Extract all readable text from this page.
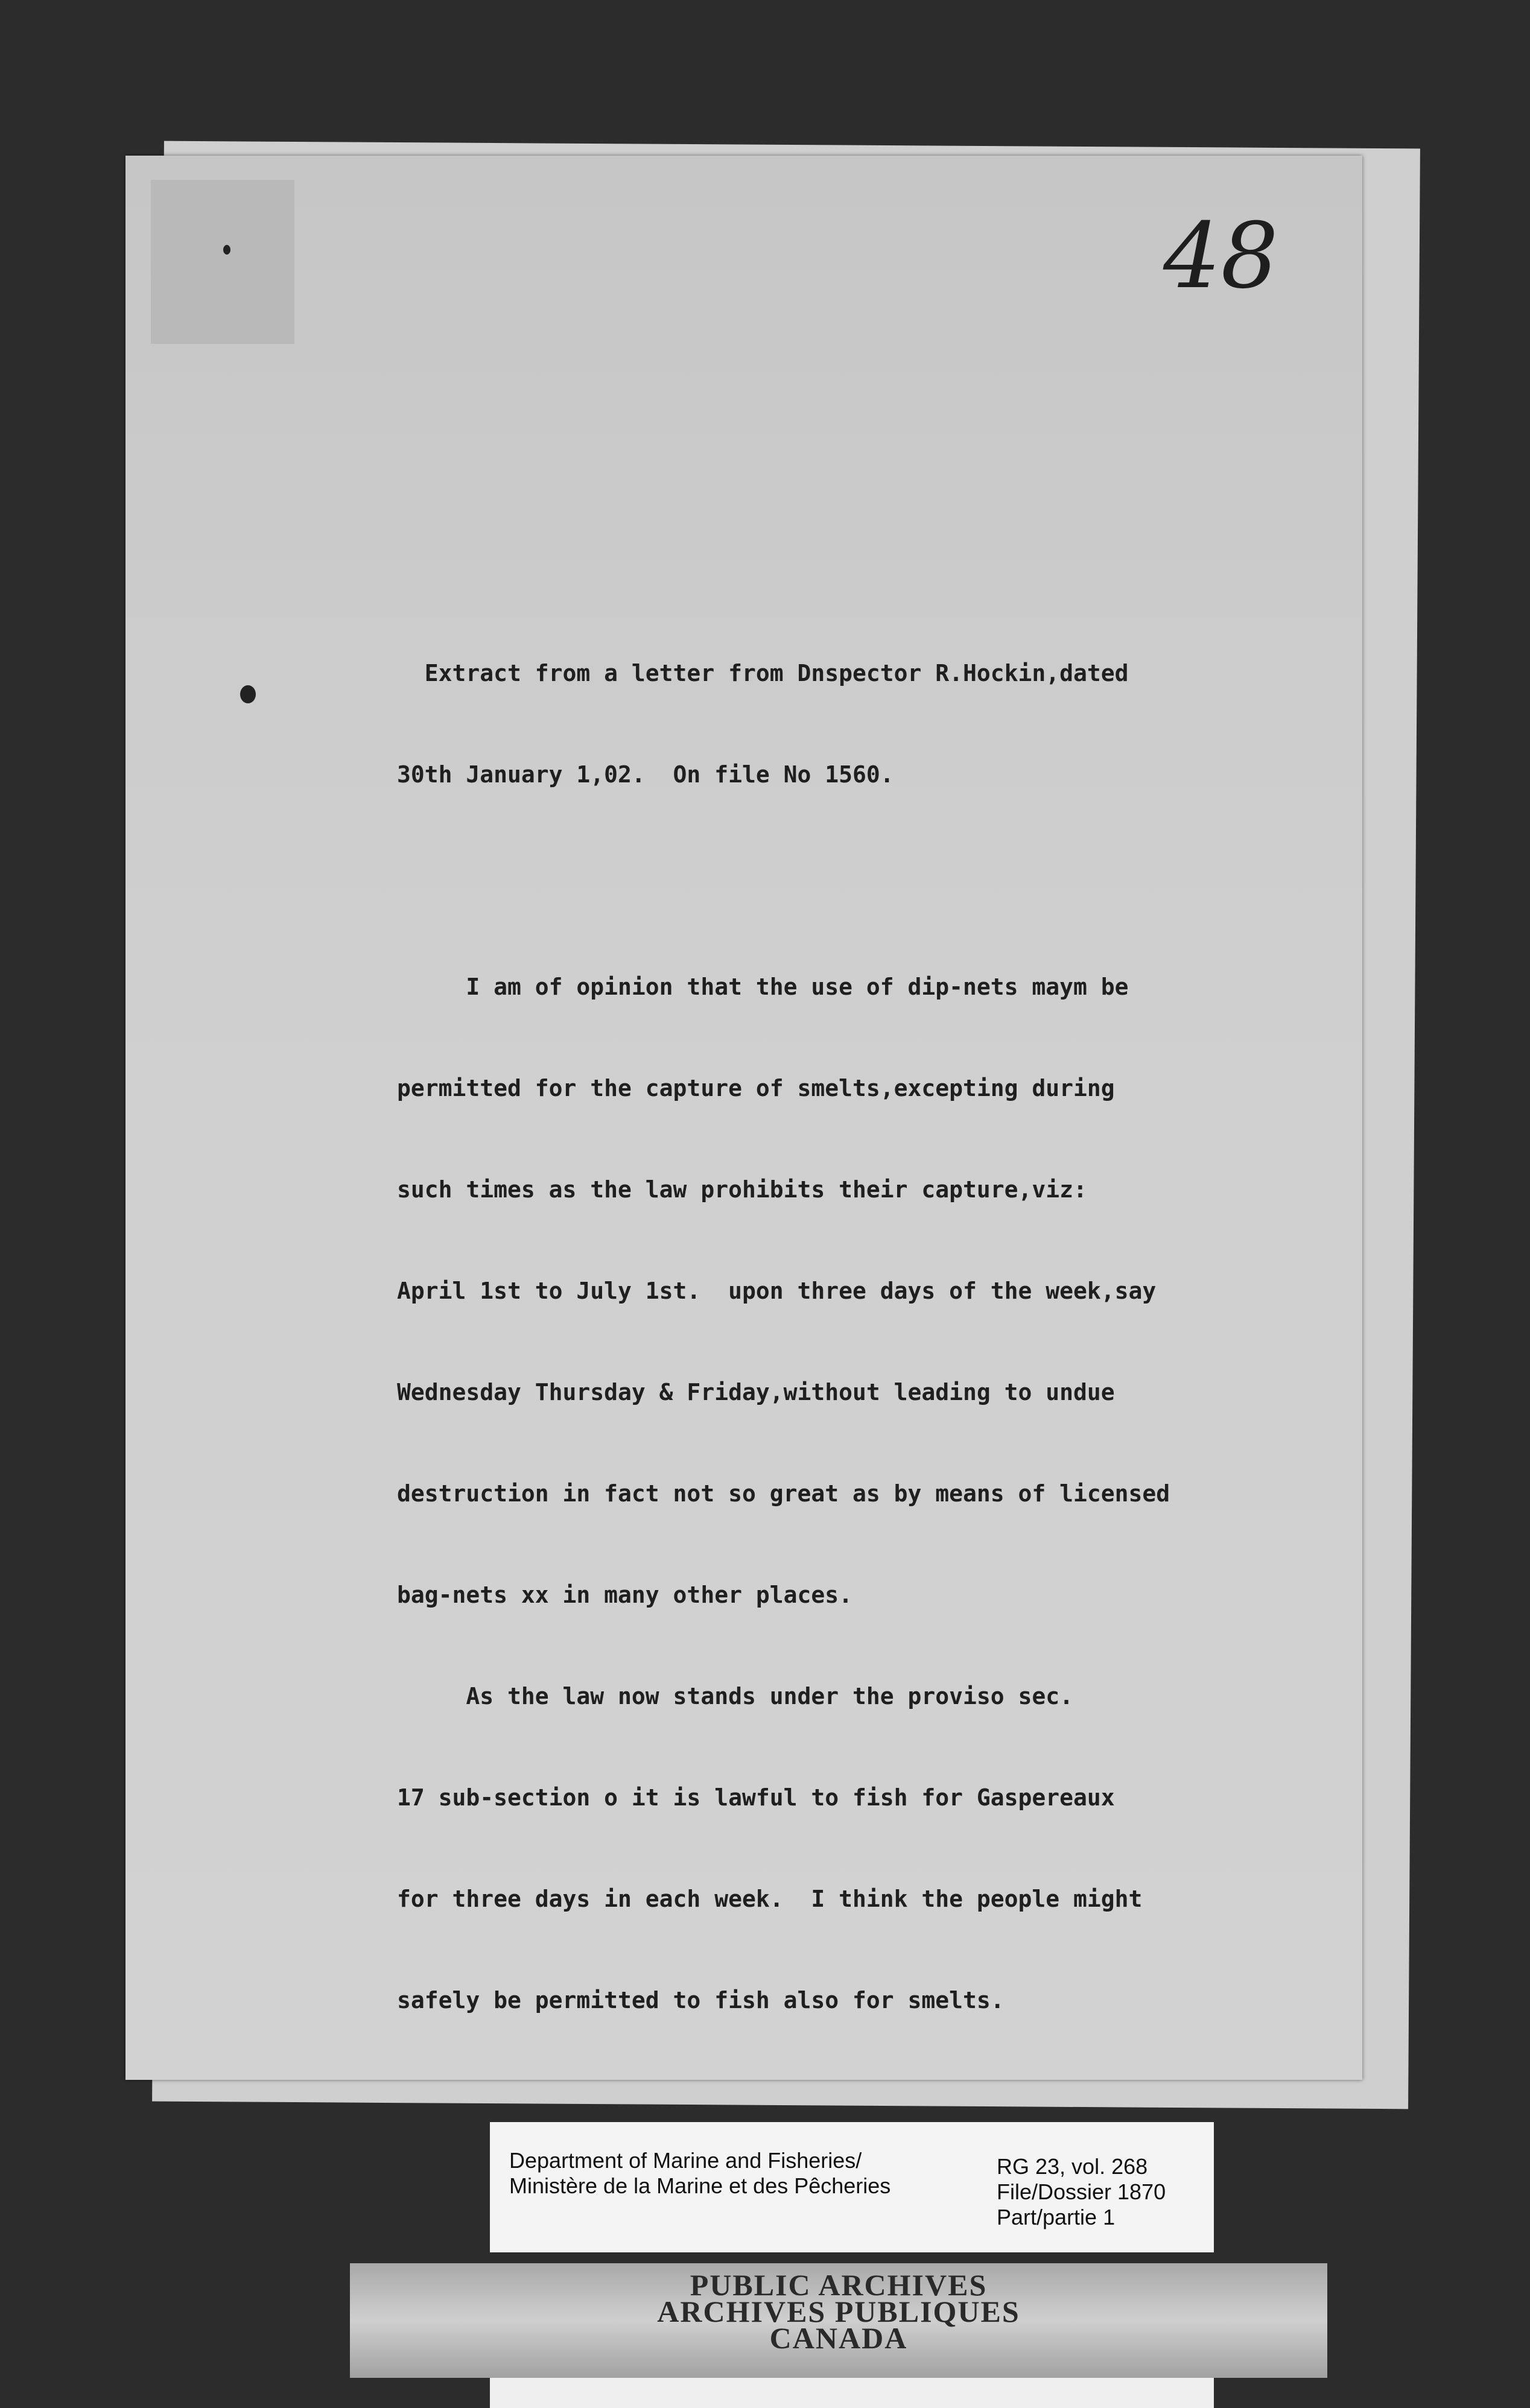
48

Extract from a letter from Dnspector R.Hockin,dated

30th January 1‚02.  On file No 1560.

I am of opinion that the use of dip-nets maym be

permitted for the capture of smelts,excepting during

such times as the law prohibits their capture,viz:

April 1st to July 1st.  upon three days of the week,say

Wednesday Thursday & Friday,without leading to undue

destruction in fact not so great as by means of licensed

bag-nets xx in many other places.

As the law now stands under the proviso sec.

17 sub-section o it is lawful to fish for Gaspereaux

for three days in each week.  I think the people might

safely be permitted to fish also for smelts.

Department of Marine and Fisheries/
Ministère de la Marine et des Pêcheries
RG 23, vol. 268
File/Dossier 1870
Part/partie 1
PUBLIC ARCHIVES
ARCHIVES PUBLIQUES
CANADA
